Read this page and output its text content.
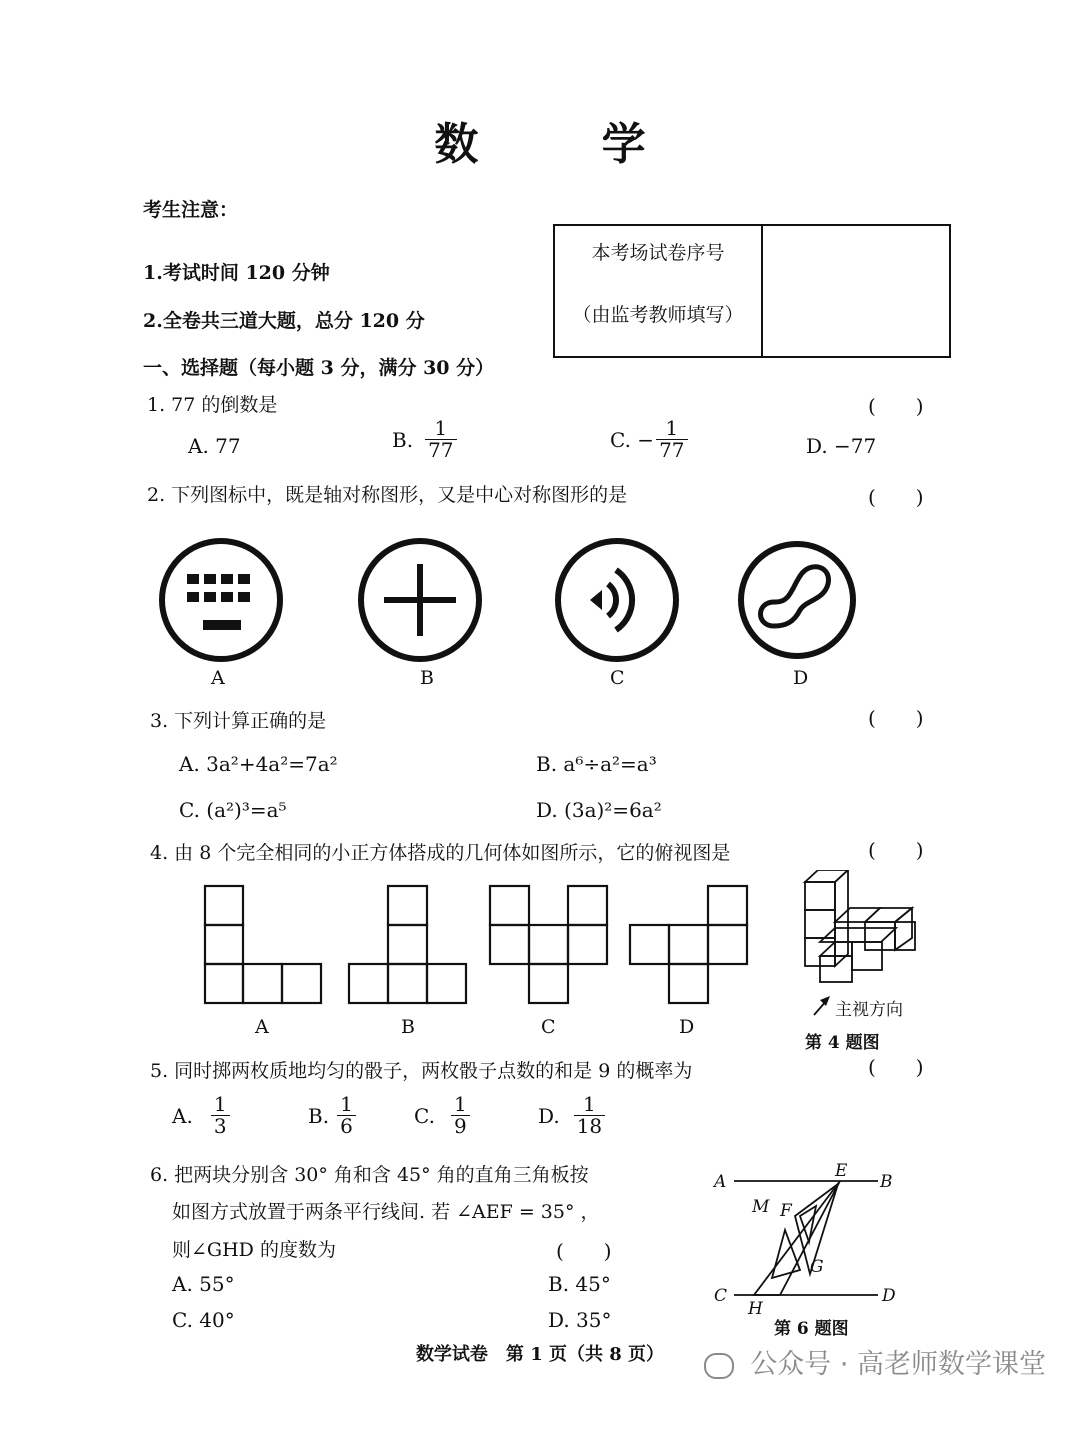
数 学
考生注意：
1.考试时间 120 分钟
2.全卷共三道大题，总分 120 分
本考场试卷序号
（由监考教师填写）
一、选择题（每小题 3 分，满分 30 分）
1. 77 的倒数是	(　　)
A. 77	B. $\frac{1}{77}$	C. − $\frac{1}{77}$	D. −77
2. 下列图标中，既是轴对称图形，又是中心对称图形的是	(　　)
A	B	C	D
3. 下列计算正确的是	(　　)
A. 3a²+4a²=7a²	B. a⁶÷a²=a³
C. (a²)³=a⁵	D. (3a)²=6a²
4. 由 8 个完全相同的小正方体搭成的几何体如图所示，它的俯视图是	(　　)
A	B	C	D
主视方向
第 4 题图
5. 同时掷两枚质地均匀的骰子，两枚骰子点数的和是 9 的概率为	(　　)
A. $\frac{1}{3}$	B. $\frac{1}{6}$	C. $\frac{1}{9}$	D. $\frac{1}{18}$
6. 把两块分别含 30° 角和含 45° 角的直角三角板按
如图方式放置于两条平行线间. 若 ∠AEF = 35° ，
则∠GHD 的度数为	(　　)
A. 55°	B. 45°
C. 40°	D. 35°
A	B
C	D
E
F
G
H
M
第 6 题图
数学试卷　第 1 页（共 8 页）	公众号 · 高老师数学课堂
